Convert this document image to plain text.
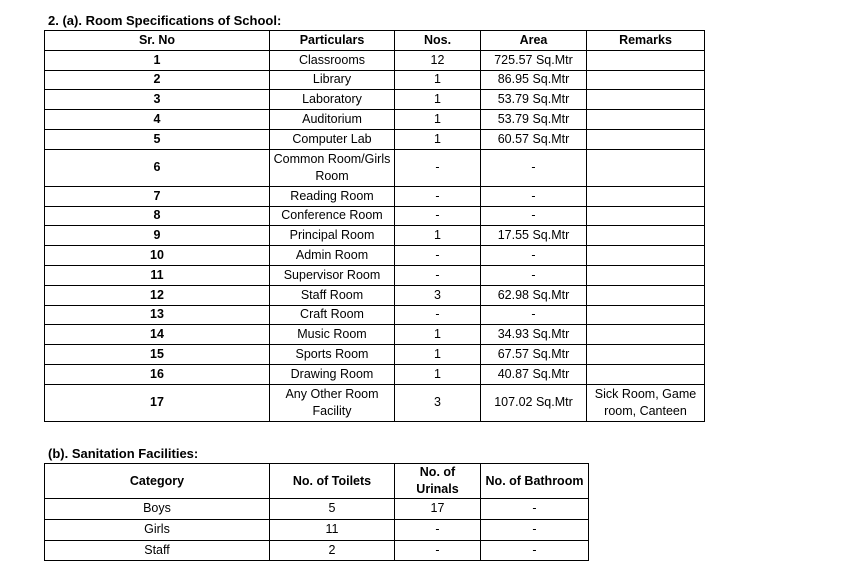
2. (a). Room Specifications of School:
Sr. No	Particulars	Nos.	Area	Remarks
1	Classrooms	12	725.57 Sq.Mtr	
2	Library	1	86.95 Sq.Mtr	
3	Laboratory	1	53.79 Sq.Mtr	
4	Auditorium	1	53.79 Sq.Mtr	
5	Computer Lab	1	60.57 Sq.Mtr	
6	Common Room/Girls Room	-	-	
7	Reading Room	-	-	
8	Conference Room	-	-	
9	Principal Room	1	17.55 Sq.Mtr	
10	Admin Room	-	-	
11	Supervisor Room	-	-	
12	Staff Room	3	62.98 Sq.Mtr	
13	Craft Room	-	-	
14	Music Room	1	34.93 Sq.Mtr	
15	Sports Room	1	67.57 Sq.Mtr	
16	Drawing Room	1	40.87 Sq.Mtr	
17	Any Other Room Facility	3	107.02 Sq.Mtr	Sick Room, Game room, Canteen
(b). Sanitation Facilities:
Category	No. of Toilets	No. of Urinals	No. of Bathroom
Boys	5	17	-
Girls	11	-	-
Staff	2	-	-
